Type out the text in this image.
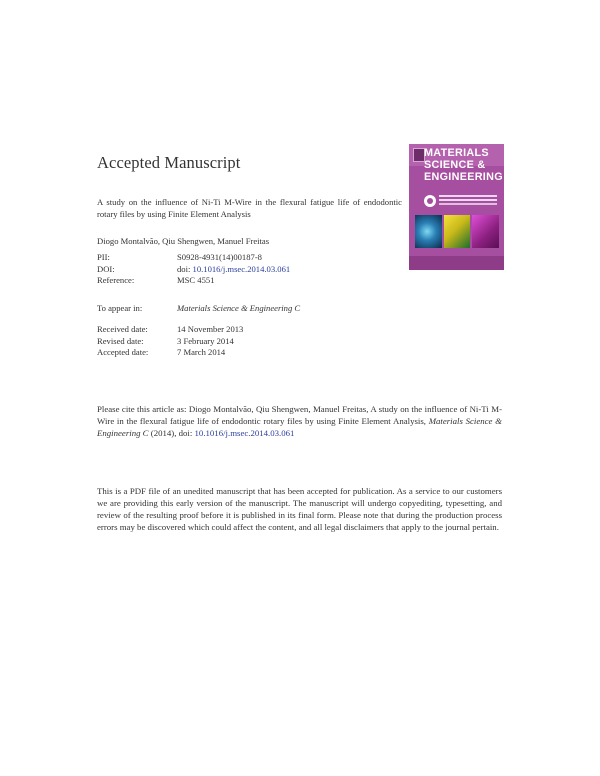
Accepted Manuscript
A study on the influence of Ni-Ti M-Wire in the flexural fatigue life of endodontic rotary files by using Finite Element Analysis
Diogo Montalvão, Qiu Shengwen, Manuel Freitas
PII:	S0928-4931(14)00187-8
DOI:	doi: 10.1016/j.msec.2014.03.061
Reference:	MSC 4551
To appear in:	Materials Science & Engineering C
Received date:	14 November 2013
Revised date:	3 February 2014
Accepted date:	7 March 2014
MATERIALS
SCIENCE &
ENGINEERING
Please cite this article as: Diogo Montalvão, Qiu Shengwen, Manuel Freitas, A study on the influence of Ni-Ti M-Wire in the flexural fatigue life of endodontic rotary files by using Finite Element Analysis, Materials Science & Engineering C (2014), doi: 10.1016/j.msec.2014.03.061
This is a PDF file of an unedited manuscript that has been accepted for publication. As a service to our customers we are providing this early version of the manuscript. The manuscript will undergo copyediting, typesetting, and review of the resulting proof before it is published in its final form. Please note that during the production process errors may be discovered which could affect the content, and all legal disclaimers that apply to the journal pertain.
